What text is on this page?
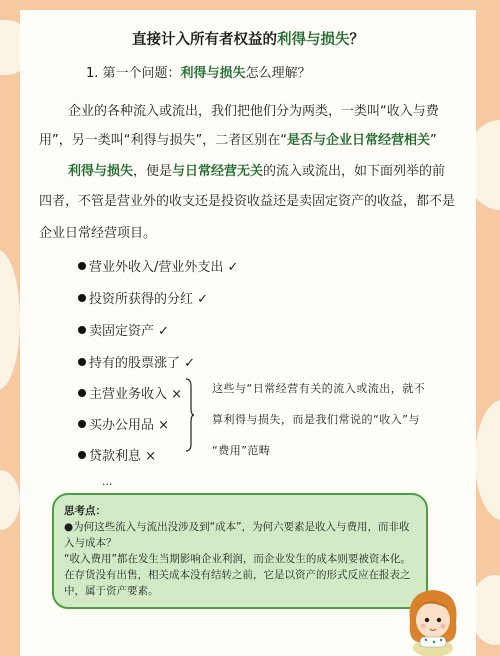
直接计入所有者权益的利得与损失？
1. 第一个问题：利得与损失怎么理解？
企业的各种流入或流出，我们把他们分为两类，一类叫“收入与费
用”，另一类叫“利得与损失”，二者区别在“是否与企业日常经营相关”
利得与损失，便是与日常经营无关的流入或流出，如下面列举的前
四者，不管是营业外的收支还是投资收益还是卖固定资产的收益，都不是
企业日常经营项目。
营业外收入/营业外支出 ✓
投资所获得的分红 ✓
卖固定资产 ✓
持有的股票涨了 ✓
主营业务收入 ×
买办公用品 ×
贷款利息 ×
...
这些与“日常经营有关的流入或流出，就不
算利得与损失，而是我们常说的“收入”与
“费用”范畴
思考点：
●为何这些流入与流出没涉及到“成本”，为何六要素是收入与费用，而非收
入与成本？
“收入费用”都在发生当期影响企业利润，而企业发生的成本则要被资本化。
在存货没有出售，相关成本没有结转之前，它是以资产的形式反应在报表之
中，属于资产要素。
